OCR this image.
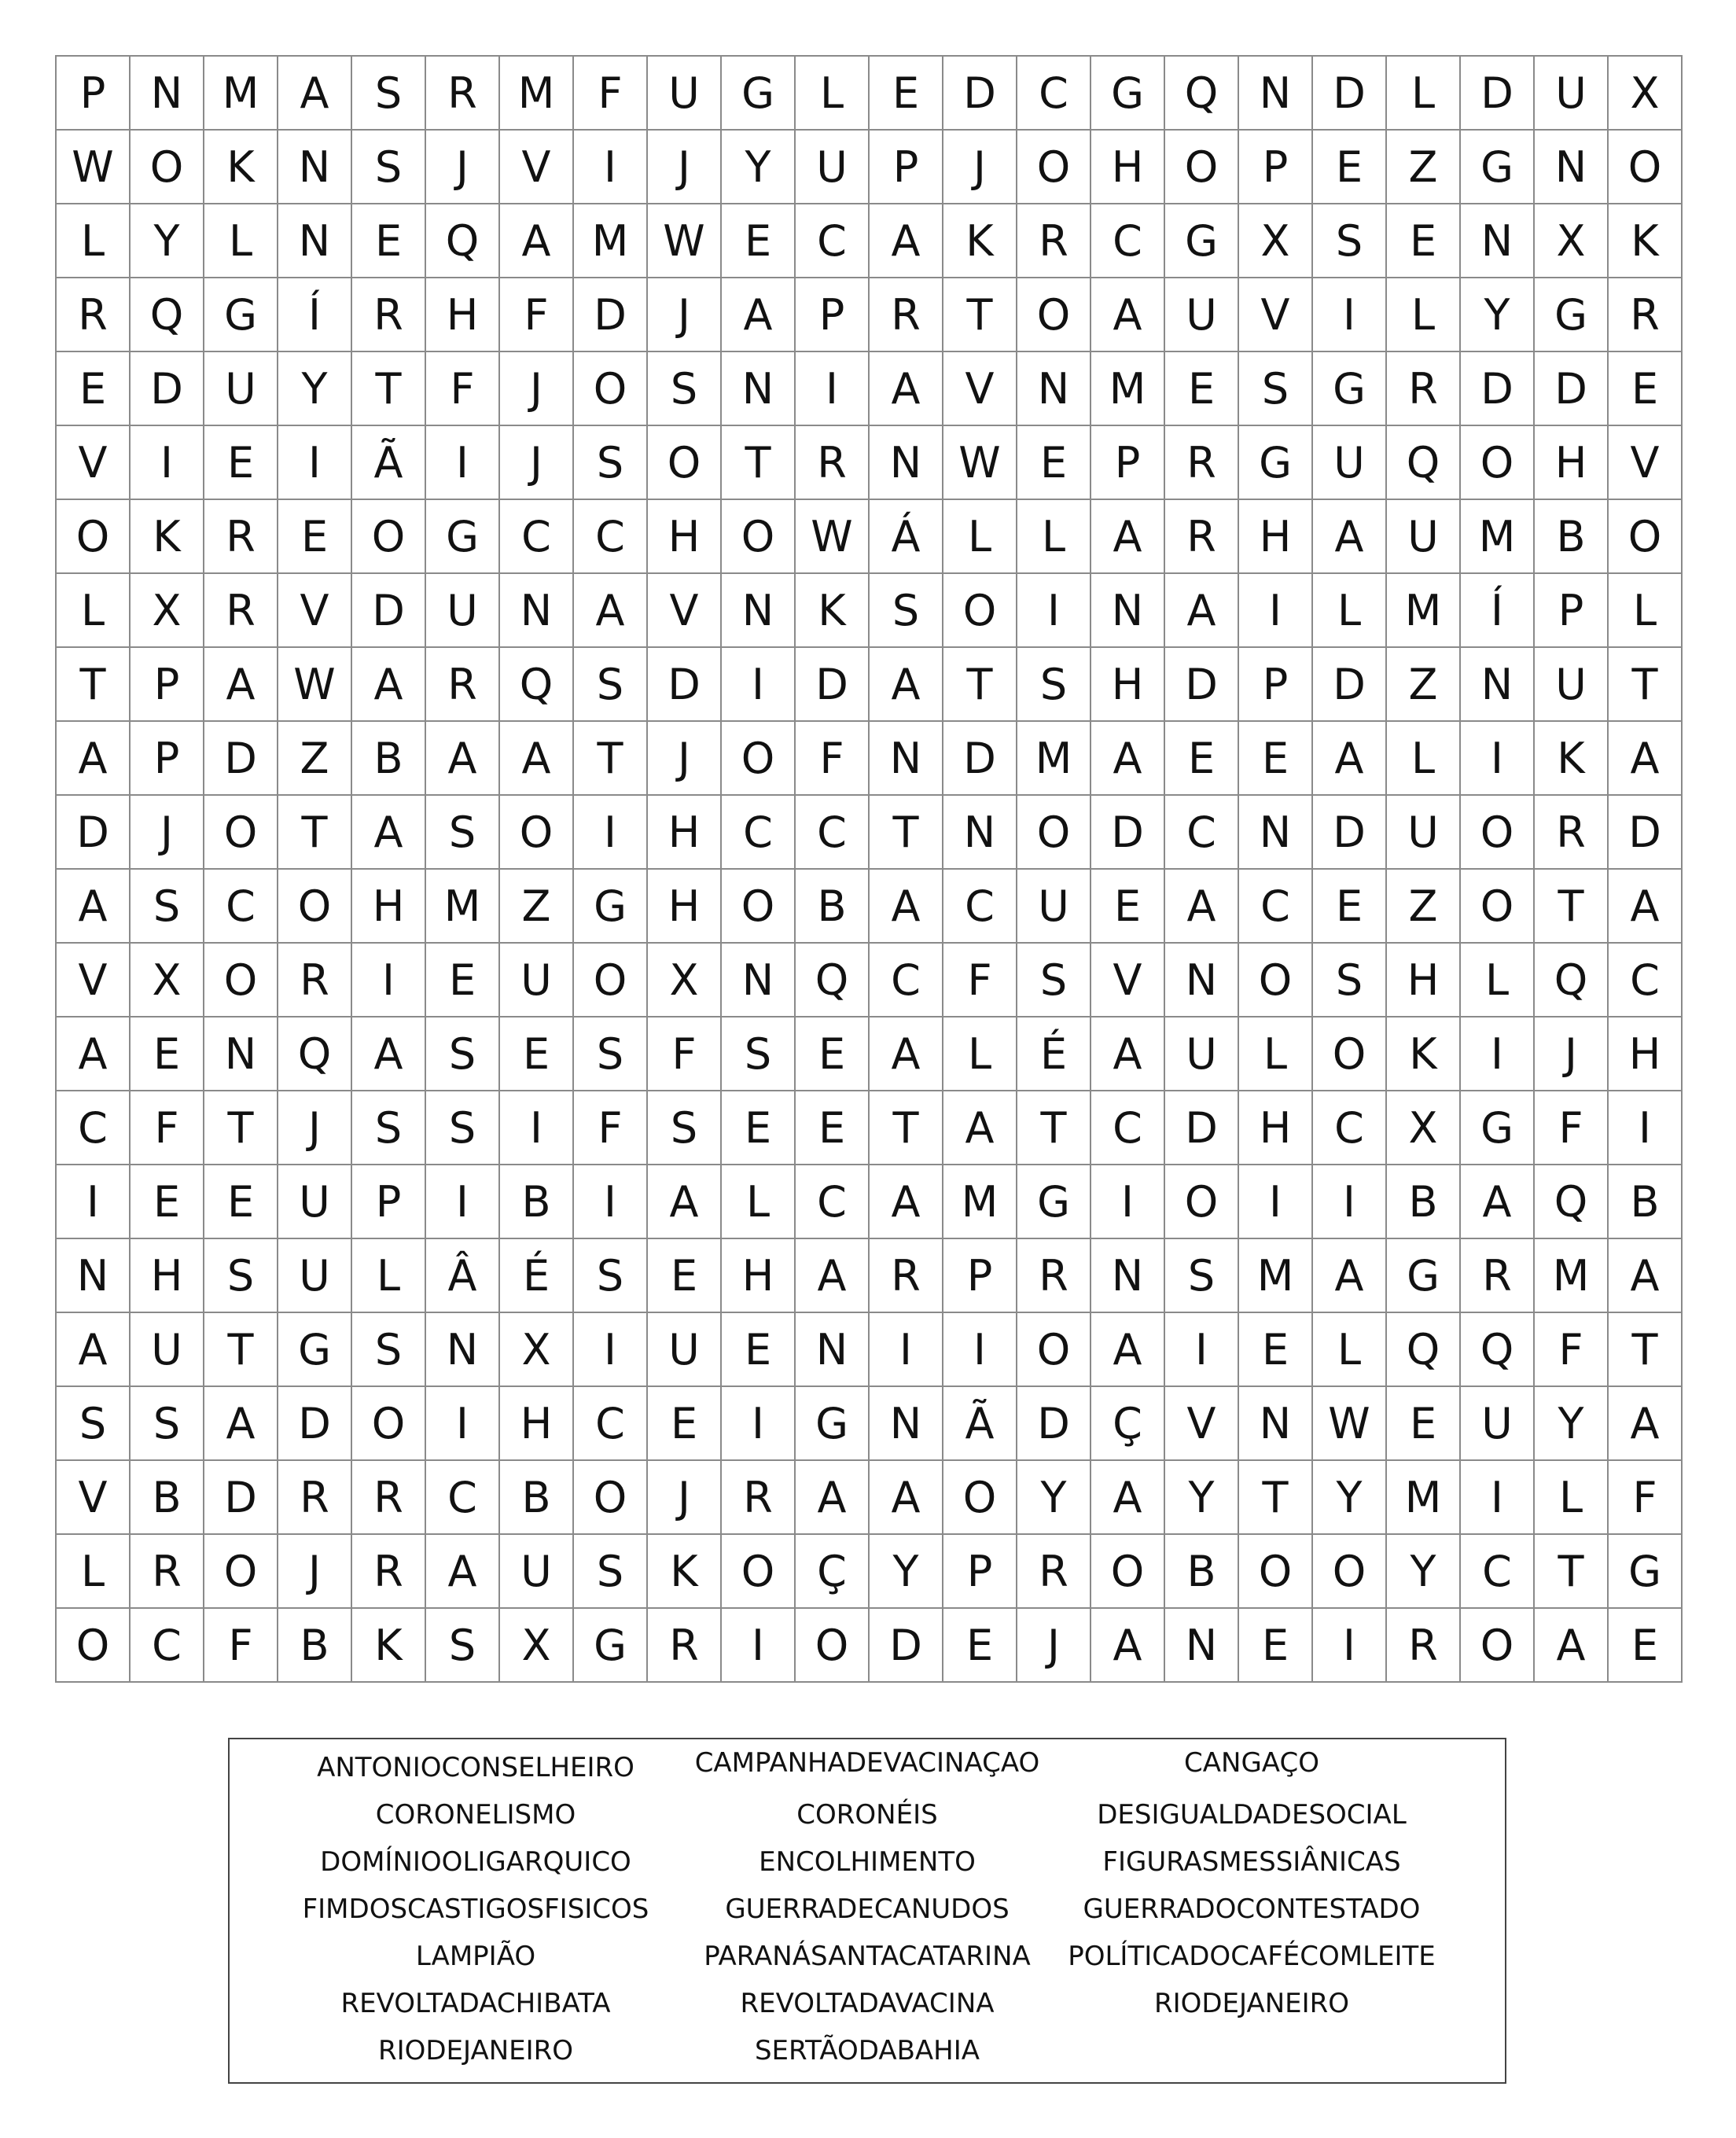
P	N M A	S	R M	F	U G	L	E	D	C	G Q N D	L	D U	X
W O	K	N	S	J	V	I	J	Y	U	P	J	O H O	P	E	Z	G N O
L	Y	L	N	E	Q	A M W E	C	A	K	R	C	G	X	S	E	N	X	K
R Q G	Í	R	H	F	D	J	A	P	R	T	O	A	U	V	I	L	Y	G	R
E	D U	Y	T	F	J	O	S	N	I	A	V	N M E	S	G	R	D D	E
V	I	E	I	Ã	I	J	S	O	T	R	N W E	P	R	G U Q O H	V
O	K	R	E	O G	C	C	H O W Á	L	L	A	R	H	A	U M B	O
L	X	R	V	D U	N	A	V	N	K	S	O	I	N	A	I	L	M	Í	P	L
T	P	A W A	R Q	S	D	I	D	A	T	S	H D	P	D	Z	N	U	T
A	P	D	Z	B	A	A	T	J	O	F	N D M A	E	E	A	L	I	K	A
D	J	O	T	A	S	O	I	H	C	C	T	N O D	C	N D U O R	D
A	S	C O H M Z	G H O	B	A	C	U	E	A	C	E	Z	O	T	A
V	X	O R	I	E	U O	X	N Q C	F	S	V	N O	S	H	L	Q C
A	E	N Q	A	S	E	S	F	S	E	A	L	É	A	U	L	O	K	I	J	H
C	F	T	J	S	S	I	F	S	E	E	T	A	T	C	D H	C	X	G	F	I
I	E	E	U	P	I	B	I	A	L	C	A M G	I	O	I	I	B	A	Q	B
N H	S	U	L	Â	É	S	E	H	A	R	P	R	N	S M A	G	R M A
A	U	T	G	S	N	X	I	U	E	N	I	I	O	A	I	E	L	Q Q	F	T
S	S	A	D O	I	H	C	E	I	G N	Ã	D	Ç	V	N W E	U	Y	A
V	B	D	R	R	C	B	O	J	R	A	A	O	Y	A	Y	T	Y	M	I	L	F
L	R O	J	R	A	U	S	K	O Ç	Y	P	R O	B	O O	Y	C	T	G
O C	F	B	K	S	X	G	R	I	O D	E	J	A	N	E	I	R O	A	E
ANTONIOCONSELHEIRO
CORONELISMO
DOMÍNIOOLIGARQUICO
FIMDOSCASTIGOSFISICOS
LAMPIÃO
REVOLTADACHIBATA
RIODEJANEIRO
CAMPANHADEVACINAÇAO
CORONÉIS
ENCOLHIMENTO
GUERRADECANUDOS
PARANÁSANTACATARINA
REVOLTADAVACINA
SERTÃODABAHIA
CANGAÇO
DESIGUALDADESOCIAL
FIGURASMESSIÂNICAS
GUERRADOCONTESTADO
POLÍTICADOCAFÉCOMLEITE
RIODEJANEIRO
